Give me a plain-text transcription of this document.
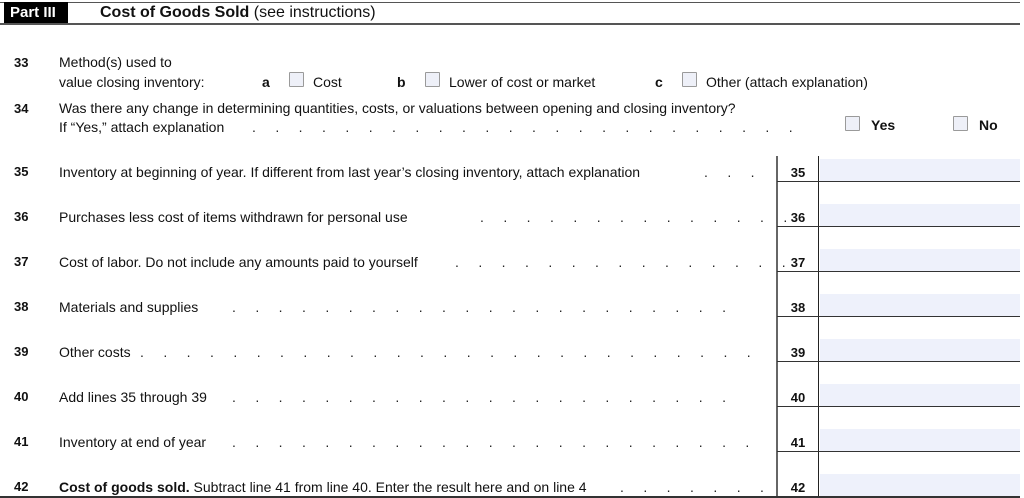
Part III	Cost of Goods Sold (see instructions)
33	Method(s) used to
value closing inventory:	a	Cost	b	Lower of cost or market	c	Other (attach explanation)
34	Was there any change in determining quantities, costs, or valuations between opening and closing inventory?
If “Yes,” attach explanation .     .     .     .     .     .     .     .     .     .     .     .     .     .     .     .     .     .     .     .     .     .     .     .	Yes	No
35	Inventory at beginning of year. If different from last year’s closing inventory, attach explanation	.     .     .	35
36	Purchases less cost of items withdrawn for personal use	.     .     .     .     .     .     .     .     .     .     .     .     .     . 36
37	Cost of labor. Do not include any amounts paid to yourself	.     .     .     .     .     .     .     .     .     .     .     .     .     .     . 37
38	Materials and supplies .     .     .     .     .     .     .     .     .     .     .     .     .     .     .     .     .     .     .     .     .     .	38
39	Other costs .     .     .     .     .     .     .     .     .     .     .     .     .     .     .     .     .     .     .     .     .     .     .     .     .     .     .	39
40	Add lines 35 through 39 .     .     .     .     .     .     .     .     .     .     .     .     .     .     .     .     .     .     .     .     .     .	40
41	Inventory at end of year .     .     .     .     .     .     .     .     .     .     .     .     .     .     .     .     .     .     .     .     .     .     .	41
42	Cost of goods sold. Subtract line 41 from line 40. Enter the result here and on line 4 .     .     .     .     .     .     .	42
